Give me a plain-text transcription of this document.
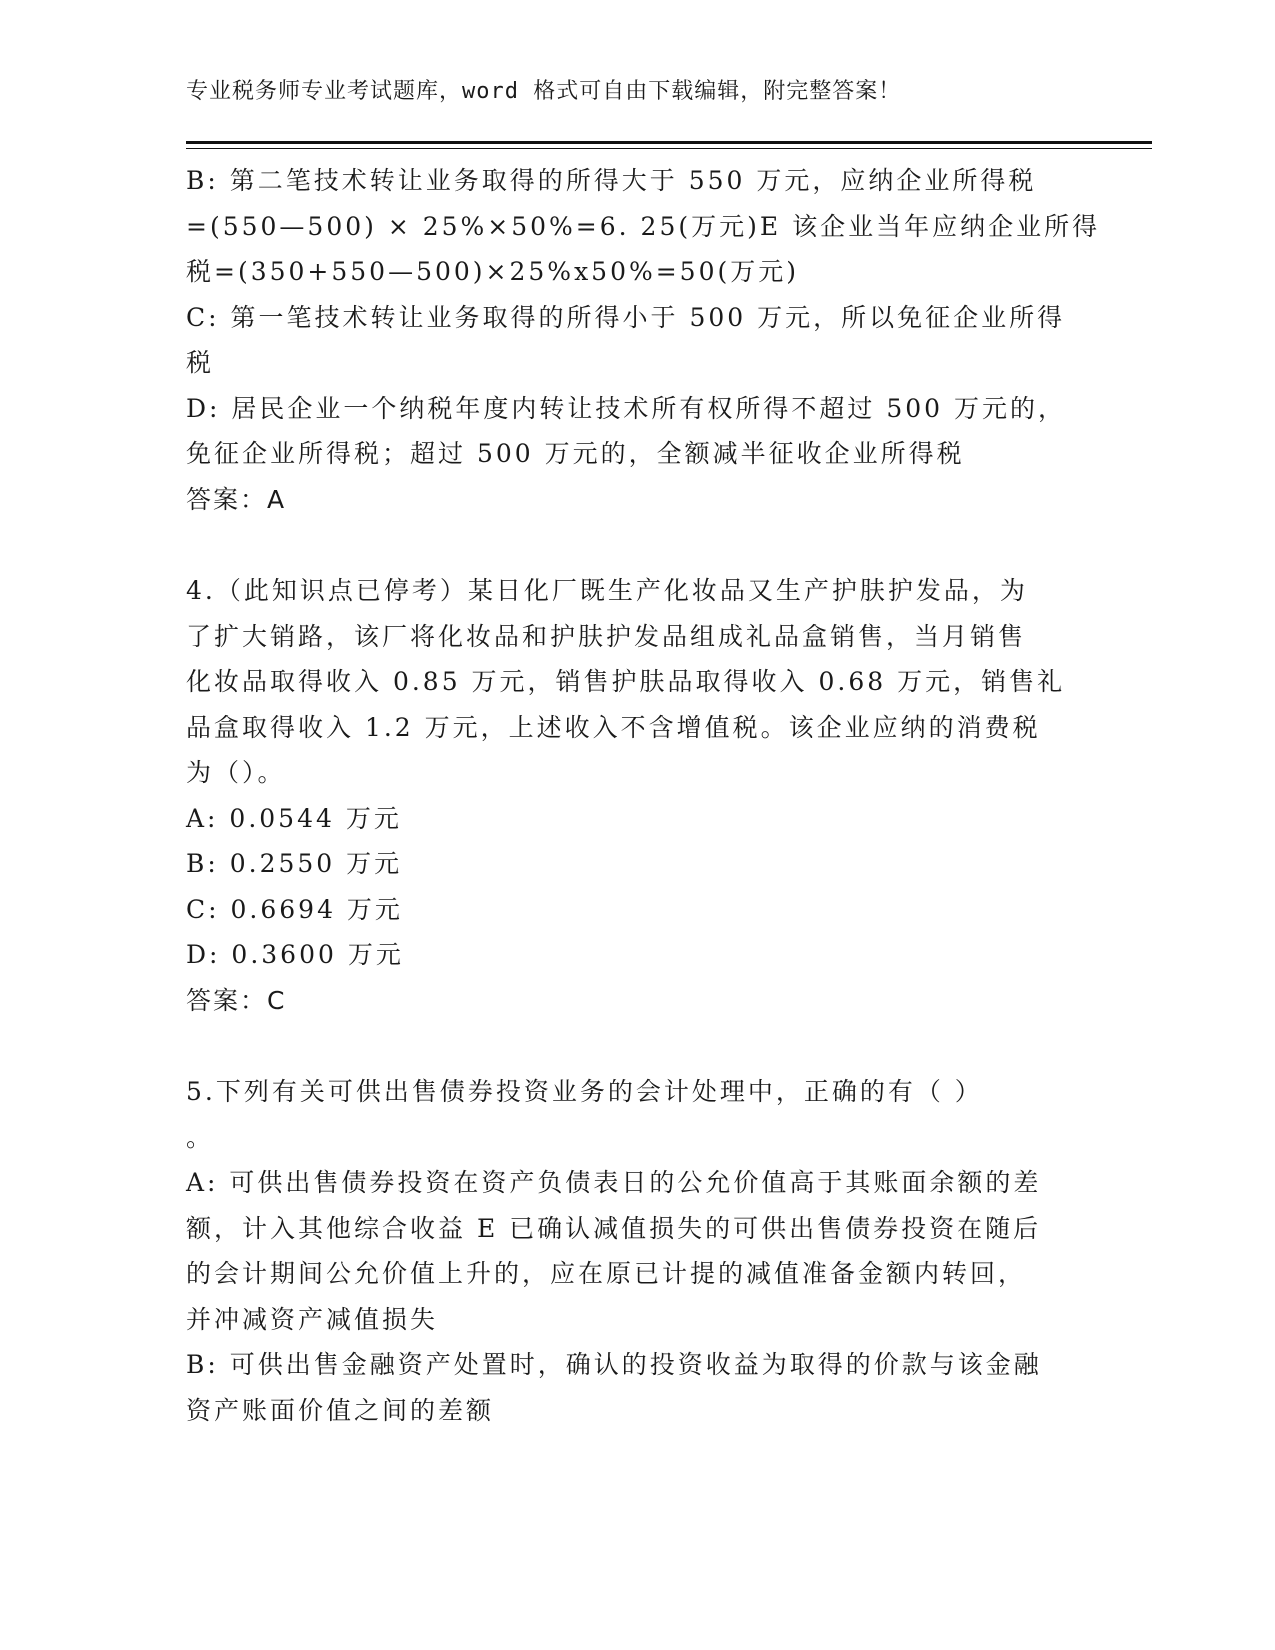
专业税务师专业考试题库，word 格式可自由下载编辑，附完整答案！
B: 第二笔技术转让业务取得的所得大于 550 万元，应纳企业所得税
=(550—500) × 25%×50%=6. 25(万元)E 该企业当年应纳企业所得
税=(350+550—500)×25%x50%=50(万元)
C: 第一笔技术转让业务取得的所得小于 500 万元，所以免征企业所得
税
D: 居民企业一个纳税年度内转让技术所有权所得不超过 500 万元的，
免征企业所得税；超过 500 万元的，全额减半征收企业所得税
答案：A
4.（此知识点已停考）某日化厂既生产化妆品又生产护肤护发品，为
了扩大销路，该厂将化妆品和护肤护发品组成礼品盒销售，当月销售
化妆品取得收入 0.85 万元，销售护肤品取得收入 0.68 万元，销售礼
品盒取得收入 1.2 万元，上述收入不含增值税。该企业应纳的消费税
为（）。
A: 0.0544 万元
B: 0.2550 万元
C: 0.6694 万元
D: 0.3600 万元
答案：C
5.下列有关可供出售债券投资业务的会计处理中，正确的有（ ）
。
A: 可供出售债券投资在资产负债表日的公允价值高于其账面余额的差
额，计入其他综合收益 E 已确认减值损失的可供出售债券投资在随后
的会计期间公允价值上升的，应在原已计提的减值准备金额内转回，
并冲减资产减值损失
B: 可供出售金融资产处置时，确认的投资收益为取得的价款与该金融
资产账面价值之间的差额
